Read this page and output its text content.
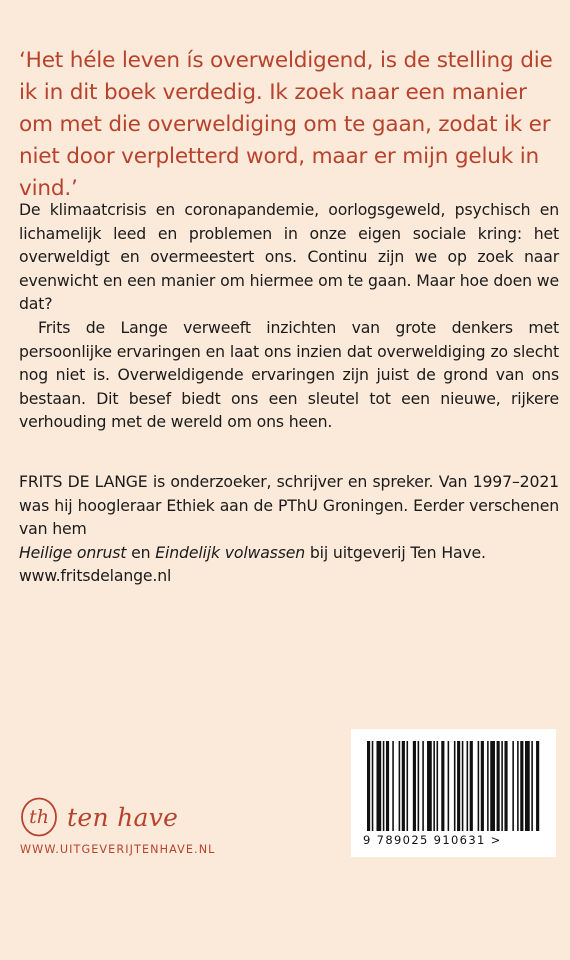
‘Het héle leven ís overweldigend, is de stelling die ik in dit boek verdedig. Ik zoek naar een manier om met die overweldiging om te gaan, zodat ik er niet door verpletterd word, maar er mijn geluk in vind.’

De klimaatcrisis en coronapandemie, oorlogsgeweld, psychisch en lichamelijk leed en problemen in onze eigen sociale kring: het overweldigt en overmeestert ons. Continu zijn we op zoek naar evenwicht en een manier om hiermee om te gaan. Maar hoe doen we dat?

Frits de Lange verweeft inzichten van grote denkers met persoonlijke ervaringen en laat ons inzien dat overweldiging zo slecht nog niet is. Overweldigende ervaringen zijn juist de grond van ons bestaan. Dit besef biedt ons een sleutel tot een nieuwe, rijkere verhouding met de wereld om ons heen.

FRITS DE LANGE is onderzoeker, schrijver en spreker. Van 1997–2021 was hij hoogleraar Ethiek aan de PThU Groningen. Eerder verschenen van hem
Heilige onrust en Eindelijk volwassen bij uitgeverij Ten Have.

www.fritsdelange.nl

9 789025 910631 >
th ten have
WWW.UITGEVERIJTENHAVE.NL
